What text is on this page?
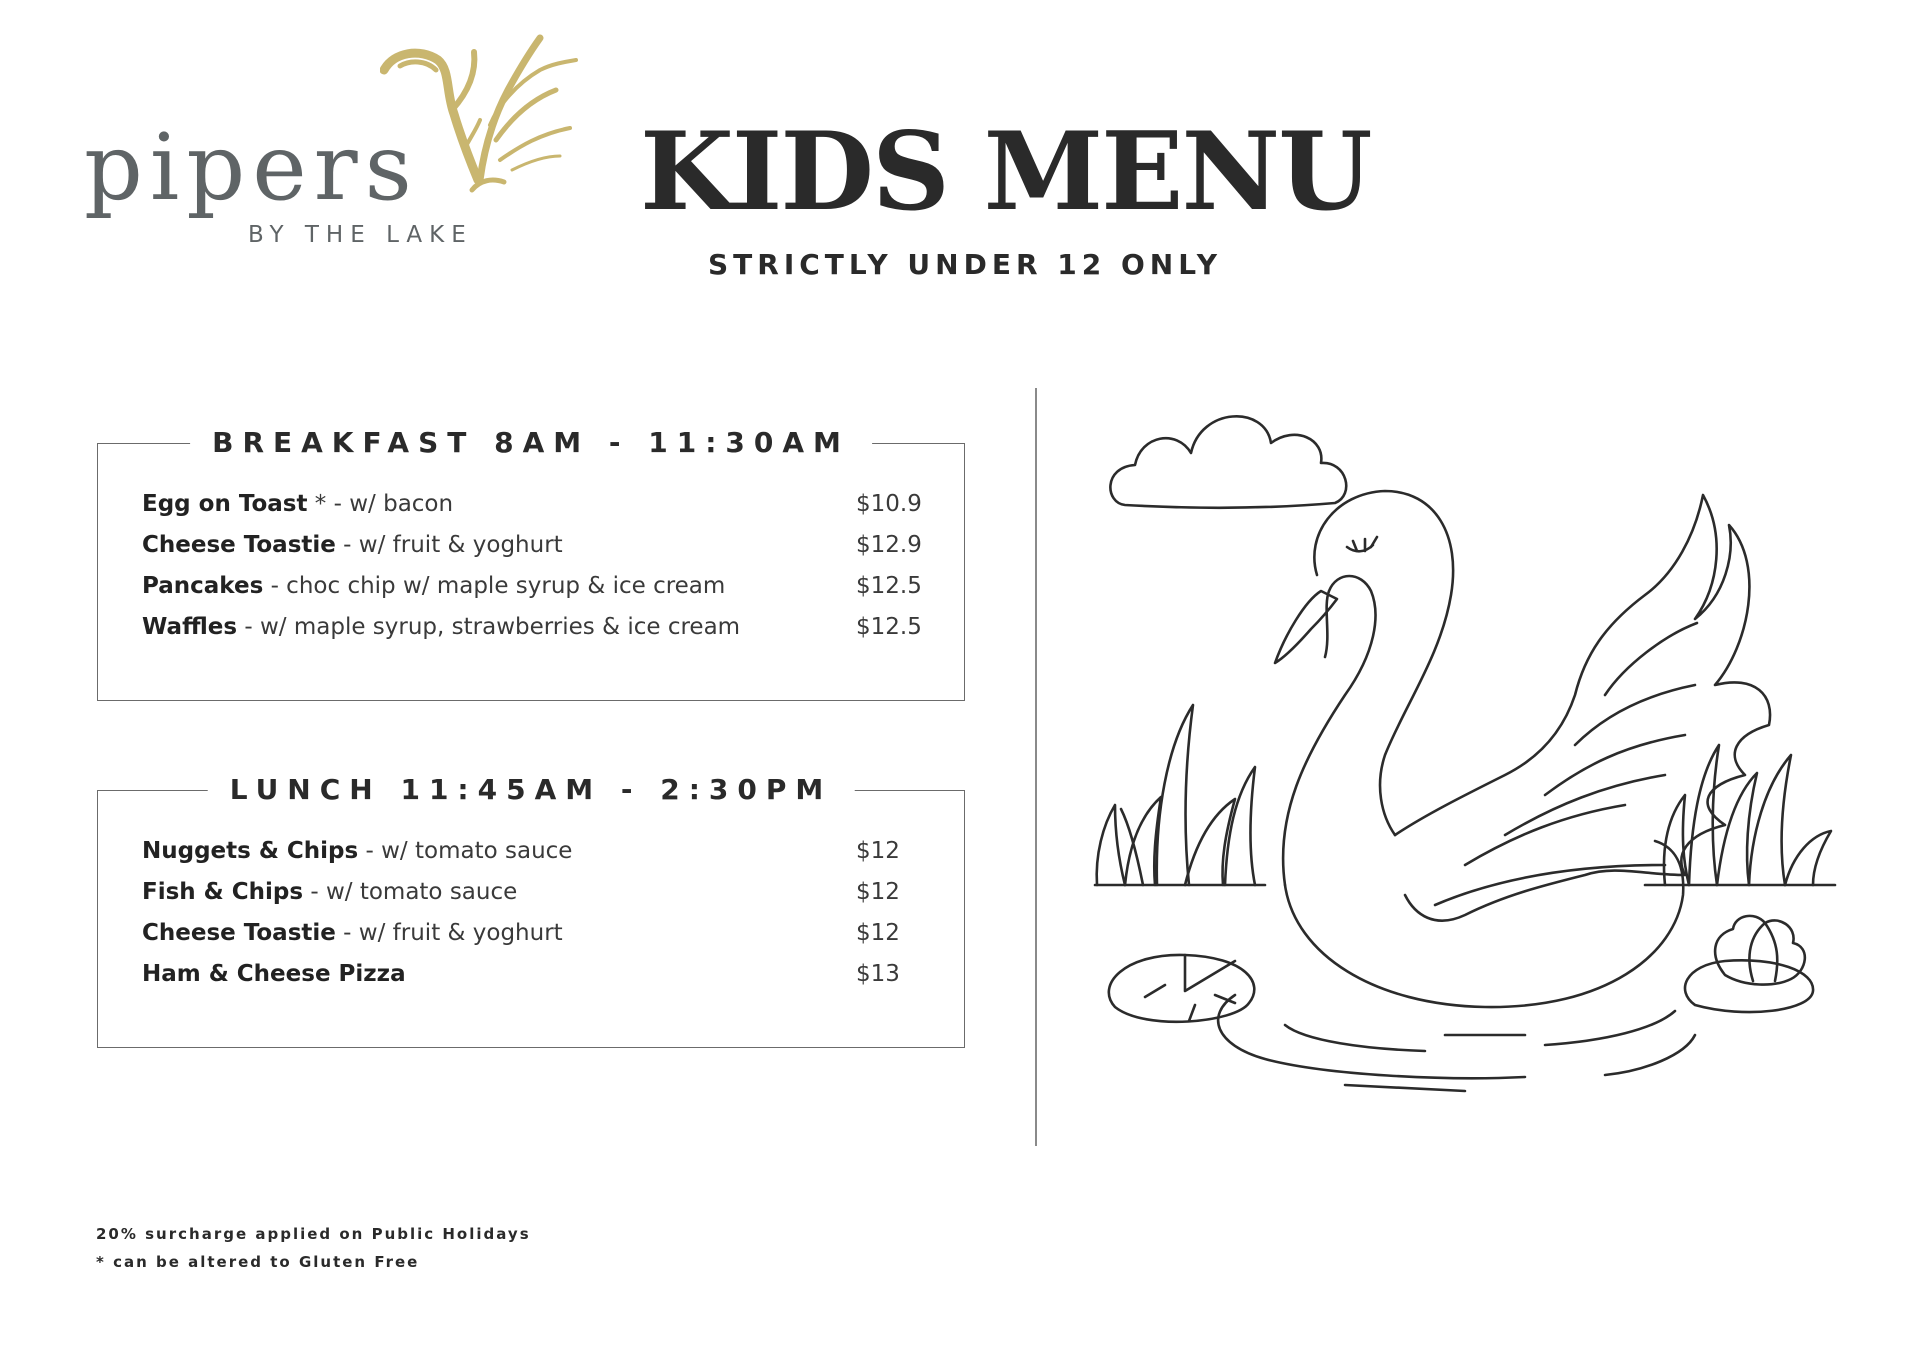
pipers
BY THE LAKE KIDS MENU
STRICTLY UNDER 12 ONLY
BREAKFAST 8AM - 11:30AM
Egg on Toast * - w/ bacon	$10.9
Cheese Toastie - w/ fruit & yoghurt	$12.9
Pancakes - choc chip w/ maple syrup & ice cream	$12.5
Waffles - w/ maple syrup, strawberries & ice cream	$12.5
LUNCH 11:45AM - 2:30PM
Nuggets & Chips - w/ tomato sauce	$12
Fish & Chips - w/ tomato sauce	$12
Cheese Toastie - w/ fruit & yoghurt	$12
Ham & Cheese Pizza	$13
20% surcharge applied on Public Holidays
* can be altered to Gluten Free
